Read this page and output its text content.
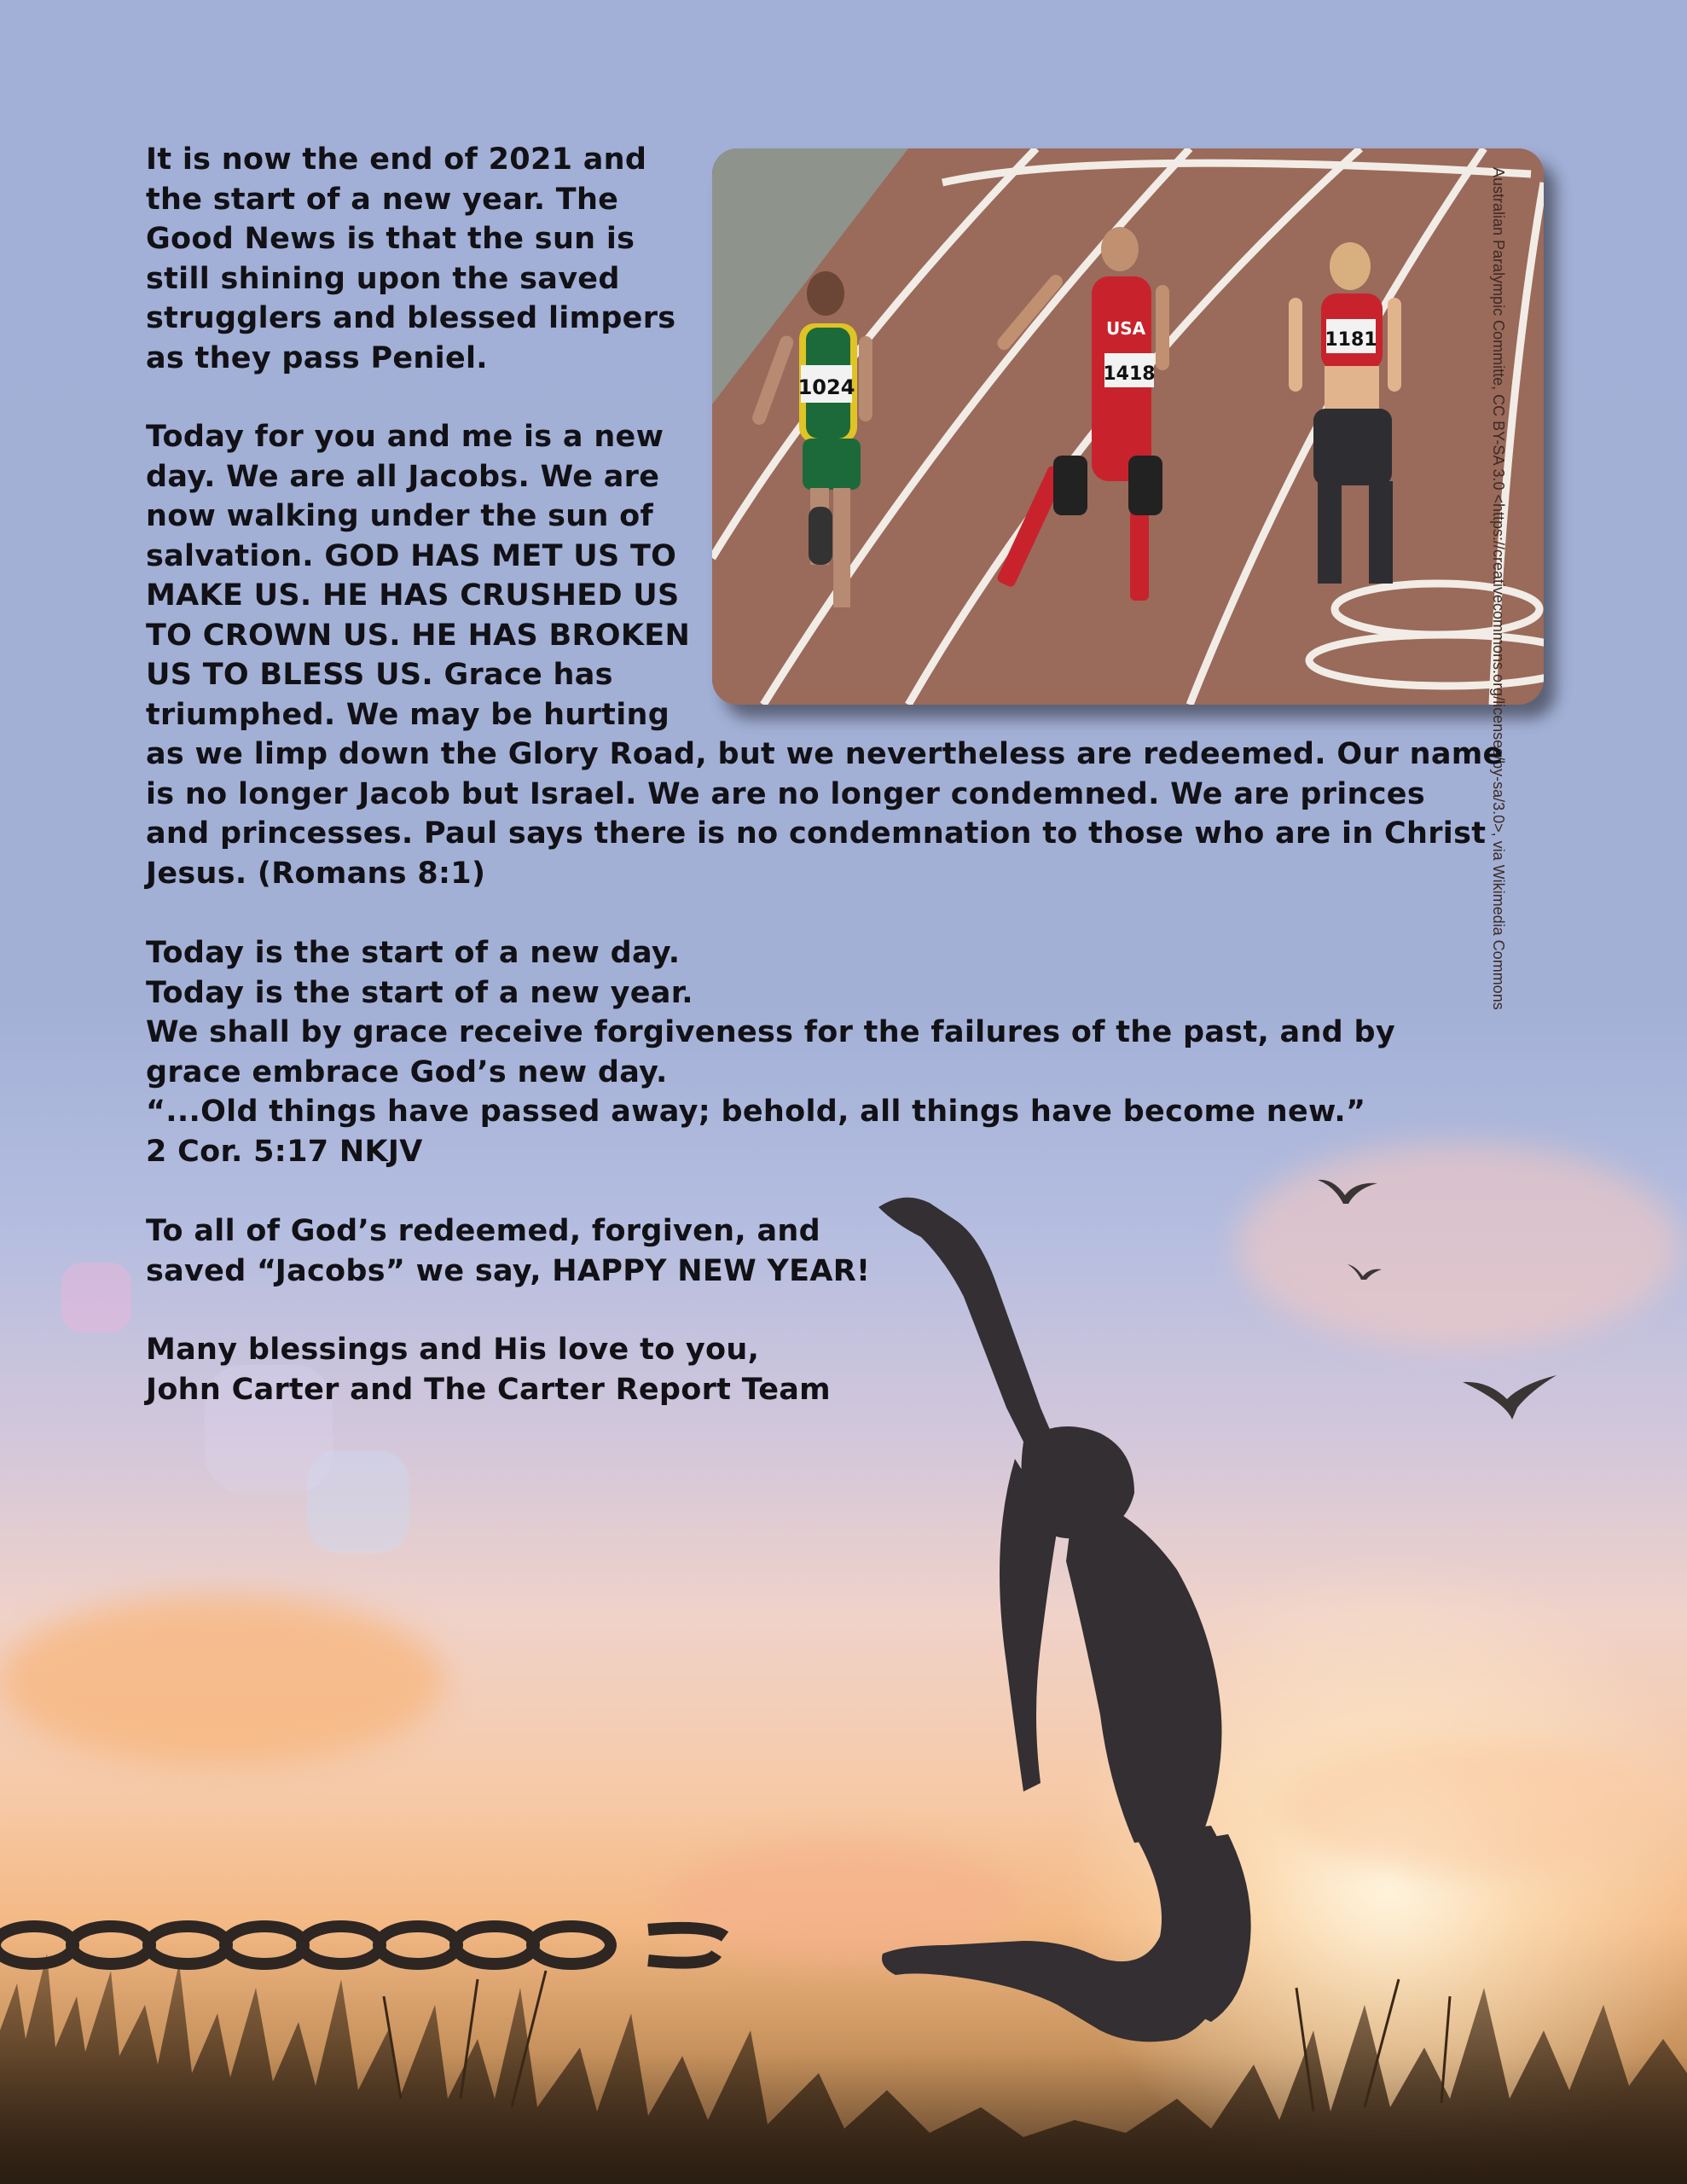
1024
USA
1418
1181	Australian Paralympic Committe, CC BY-SA 3.0 <https://creativecommons.org/licenses/by-sa/3.0>, via Wikimedia Commons
It is now the end of 2021 and
the start of a new year. The
Good News is that the sun is
still shining upon the saved
strugglers and blessed limpers
as they pass Peniel.
Today for you and me is a new
day. We are all Jacobs. We are
now walking under the sun of
salvation. GOD HAS MET US TO
MAKE US. HE HAS CRUSHED US
TO CROWN US. HE HAS BROKEN
US TO BLESS US. Grace has
triumphed. We may be hurting
as we limp down the Glory Road, but we nevertheless are redeemed. Our name
is no longer Jacob but Israel. We are no longer condemned. We are princes
and princesses. Paul says there is no condemnation to those who are in Christ
Jesus. (Romans 8:1)
Today is the start of a new day.
Today is the start of a new year.
We shall by grace receive forgiveness for the failures of the past, and by
grace embrace God’s new day.
“...Old things have passed away; behold, all things have become new.”
2 Cor. 5:17 NKJV
To all of God’s redeemed, forgiven, and
saved “Jacobs” we say, HAPPY NEW YEAR!
Many blessings and His love to you,
John Carter and The Carter Report Team
